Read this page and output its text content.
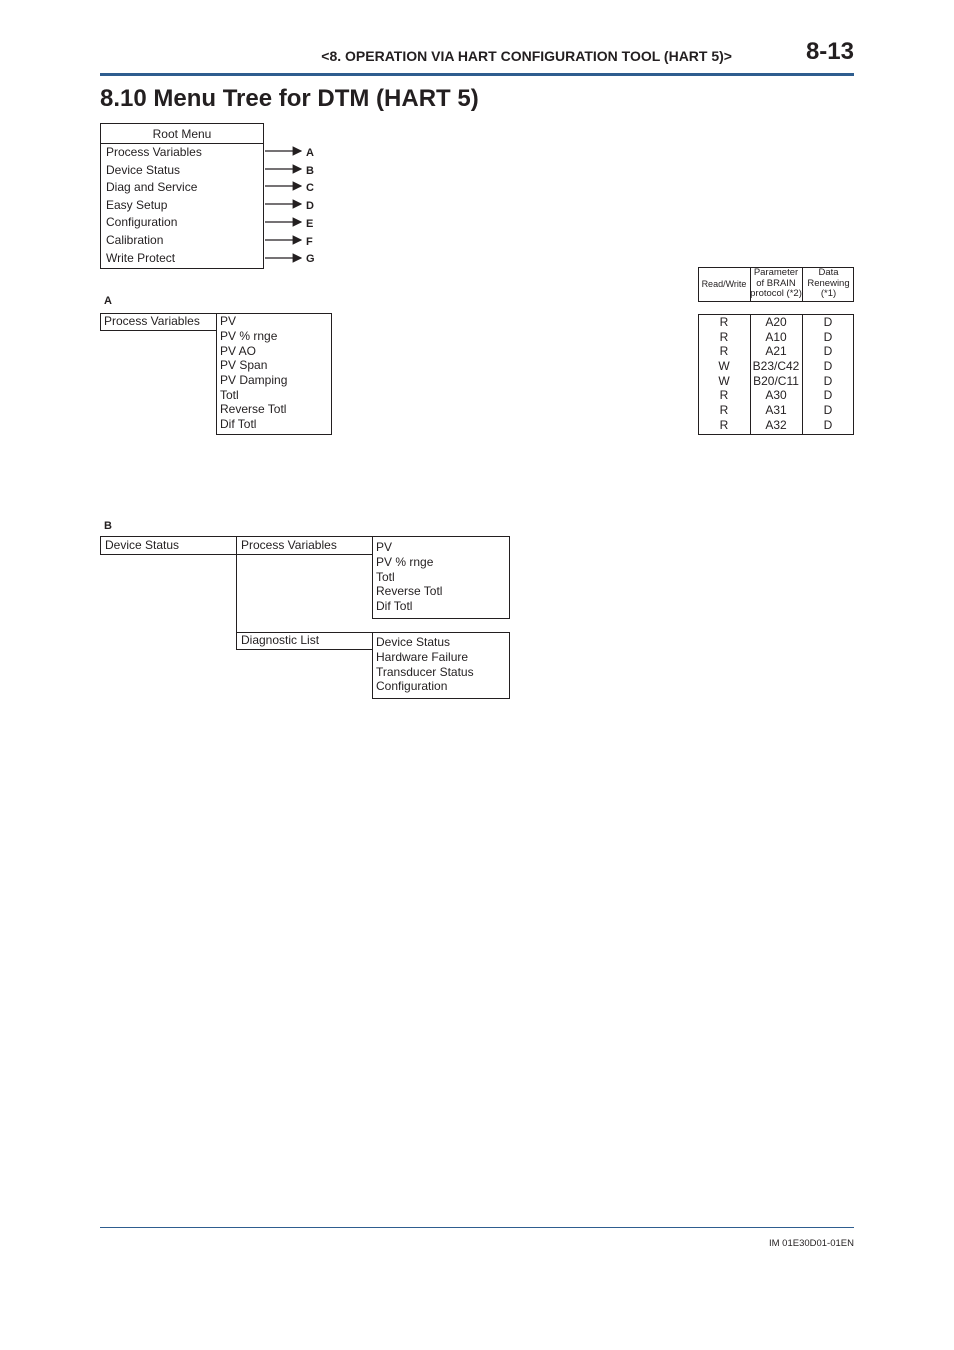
<8. OPERATION VIA HART CONFIGURATION TOOL (HART 5)>	8-13
8.10 Menu Tree for DTM (HART 5)
Root Menu
Process Variables
Device Status
Diag and Service
Easy Setup
Configuration
Calibration
Write Protect
A
B
C
D
E
F
G
Read/Write
Parameter of BRAIN protocol (*2)
Data Renewing (*1)
R	A20	D
R	A10	D
R	A21	D
W	B23/C42	D
W	B20/C11	D
R	A30	D
R	A31	D
R	A32	D
A
Process Variables PV
PV % rnge
PV AO
PV Span
PV Damping
Totl
Reverse Totl
Dif Totl
B
Device Status	Process Variables	PV
PV % rnge
Totl
Reverse Totl
Dif Totl
Diagnostic List	Device Status
Hardware Failure
Transducer Status
Configuration
IM 01E30D01-01EN
